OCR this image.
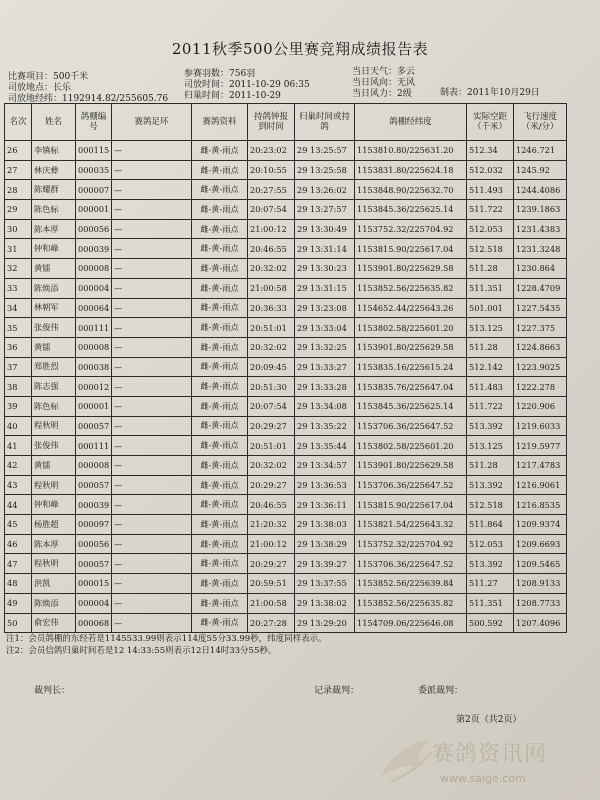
2011秋季500公里赛竞翔成绩报告表
比赛项目：500千米
司放地点：长乐
司放地经纬：1192914.82/255605.76
参赛羽数：756羽
司放时间：2011-10-29 06:35
归巢时间：2011-10-29
当日天气：多云
当日风向：无风
当日风力：2级	制表：2011年10月29日
名次	姓名	鸽棚编号	赛鸽足环	赛鸽资料	持鸽钟报到时间	归巢时间或持鸽	鸽棚经纬度	实际空距（千米）	飞行速度（米/分）
26	李镇标	000115	—	雌-黄-雨点	20:23:02	29 13:25:57	1153810.80/225631.20	512.34	1246.721
27	林庆彝	000035	—	雌-黄-雨点	20:10:55	29 13:25:58	1153831.80/225624.18	512.032	1245.92
28	陈耀群	000007	—	雌-黄-雨点	20:27:55	29 13:26:02	1153848.90/225632.70	511.493	1244.4086
29	陈色标	000001	—	雌-黄-雨点	20:07:54	29 13:27:57	1153845.36/225625.14	511.722	1239.1863
30	陈本厚	000056	—	雌-黄-雨点	21:00:12	29 13:30:49	1153752.32/225704.92	512.053	1231.4383
31	钟和峰	000039	—	雌-黄-雨点	20:46:55	29 13:31:14	1153815.90/225617.04	512.518	1231.3248
32	黄镭	000008	—	雌-黄-雨点	20:32:02	29 13:30:23	1153901.80/225629.58	511.28	1230.864
33	陈焕添	000004	—	雌-黄-雨点	21:00:58	29 13:31:15	1153852.56/225635.82	511.351	1228.4709
34	林朝军	000064	—	雌-黄-雨点	20:36:33	29 13:23:08	1154652.44/225643.26	501.001	1227.5435
35	张俊伟	000111	—	雌-黄-雨点	20:51:01	29 13:33:04	1153802.58/225601.20	513.125	1227.375
36	黄镭	000008	—	雌-黄-雨点	20:32:02	29 13:32:25	1153901.80/225629.58	511.28	1224.8663
37	郑胜烈	000038	—	雌-黄-雨点	20:09:45	29 13:33:27	1153835.16/225615.24	512.142	1223.9025
38	陈志强	000012	—	雌-黄-雨点	20:51:30	29 13:33:28	1153835.76/225647.04	511.483	1222.278
39	陈色标	000001	—	雌-黄-雨点	20:07:54	29 13:34:08	1153845.36/225625.14	511.722	1220.906
40	程秋明	000057	—	雌-黄-雨点	20:29:27	29 13:35:22	1153706.36/225647.52	513.392	1219.6033
41	张俊伟	000111	—	雌-黄-雨点	20:51:01	29 13:35:44	1153802.58/225601.20	513.125	1219.5977
42	黄镭	000008	—	雌-黄-雨点	20:32:02	29 13:34:57	1153901.80/225629.58	511.28	1217.4783
43	程秋明	000057	—	雌-黄-雨点	20:29:27	29 13:36:53	1153706.36/225647.52	513.392	1216.9061
44	钟和峰	000039	—	雌-黄-雨点	20:46:55	29 13:36:11	1153815.90/225617.04	512.518	1216.8535
45	杨胜超	000097	—	雌-黄-雨点	21:20:32	29 13:38:03	1153821.54/225643.32	511.864	1209.9374
46	陈本厚	000056	—	雌-黄-雨点	21:00:12	29 13:38:29	1153752.32/225704.92	512.053	1209.6693
47	程秋明	000057	—	雌-黄-雨点	20:29:27	29 13:39:27	1153706.36/225647.52	513.392	1209.5465
48	洪凯	000015	—	雌-黄-雨点	20:59:51	29 13:37:55	1153852.56/225639.84	511.27	1208.9133
49	陈焕添	000004	—	雌-黄-雨点	21:00:58	29 13:38:02	1153852.56/225635.82	511.351	1208.7733
50	俞宏伟	000068	—	雌-黄-雨点	20:27:28	29 13:29:20	1154709.06/225646.08	500.592	1207.4096
注1：会员鸽棚的东经若是1145533.99则表示114度55分33.99秒，纬度同样表示。
注2：会员信鸽归巢时间若是12 14:33:55则表示12日14时33分55秒。
裁判长：	记录裁判：	委派裁判：
第2页（共2页）
赛鸽资讯网
www.saige.com
